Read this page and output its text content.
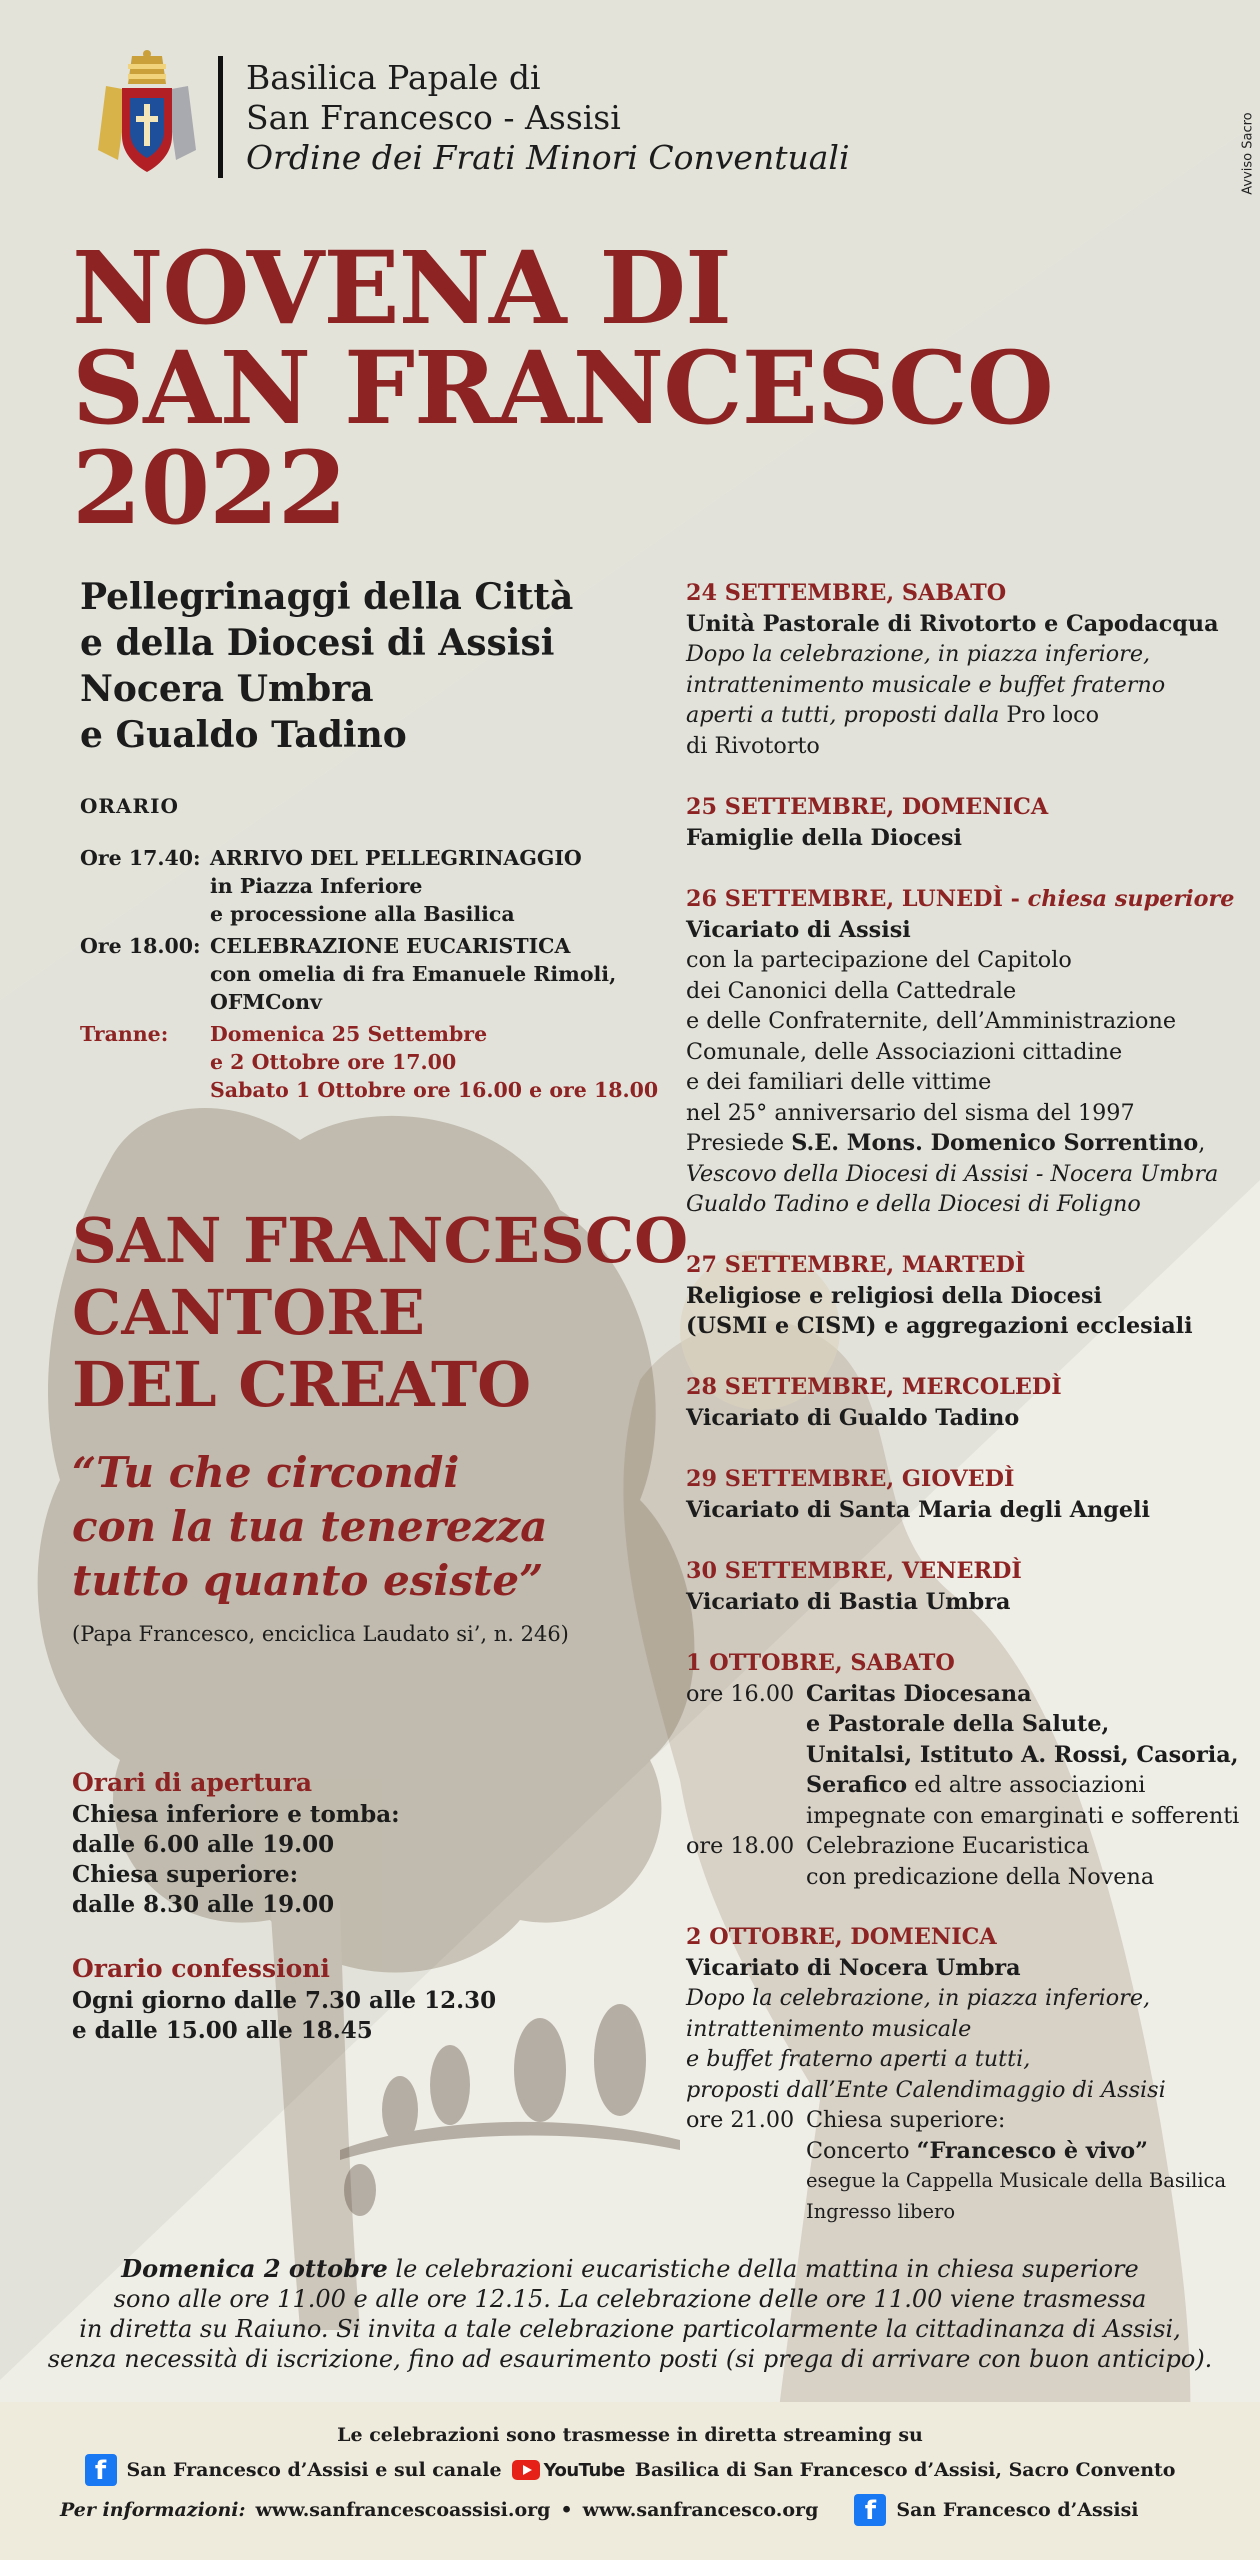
Basilica Papale di
San Francesco - Assisi
Ordine dei Frati Minori Conventuali	Avviso Sacro
NOVENA DI
SAN FRANCESCO
2022
Pellegrinaggi della Città
e della Diocesi di Assisi
Nocera Umbra
e Gualdo Tadino
ORARIO
Ore 17.40: ARRIVO DEL PELLEGRINAGGIO
in Piazza Inferiore
e processione alla Basilica
Ore 18.00: CELEBRAZIONE EUCARISTICA
con omelia di fra Emanuele Rimoli,
OFMConv
Tranne:	Domenica 25 Settembre
e 2 Ottobre ore 17.00
Sabato 1 Ottobre ore 16.00 e ore 18.00
SAN FRANCESCO
CANTORE
DEL CREATO
“Tu che circondi
con la tua tenerezza
tutto quanto esiste”
(Papa Francesco, enciclica Laudato si’, n. 246)
Orari di apertura
Chiesa inferiore e tomba:
dalle 6.00 alle 19.00
Chiesa superiore:
dalle 8.30 alle 19.00
Orario confessioni
Ogni giorno dalle 7.30 alle 12.30
e dalle 15.00 alle 18.45
24 SETTEMBRE, SABATO
Unità Pastorale di Rivotorto e Capodacqua
Dopo la celebrazione, in piazza inferiore,
intrattenimento musicale e buffet fraterno
aperti a tutti, proposti dalla Pro loco
di Rivotorto
25 SETTEMBRE, DOMENICA
Famiglie della Diocesi
26 SETTEMBRE, LUNEDÌ - chiesa superiore
Vicariato di Assisi
con la partecipazione del Capitolo
dei Canonici della Cattedrale
e delle Confraternite, dell’Amministrazione
Comunale, delle Associazioni cittadine
e dei familiari delle vittime
nel 25° anniversario del sisma del 1997
Presiede S.E. Mons. Domenico Sorrentino,
Vescovo della Diocesi di Assisi - Nocera Umbra
Gualdo Tadino e della Diocesi di Foligno
27 SETTEMBRE, MARTEDÌ
Religiose e religiosi della Diocesi
(USMI e CISM) e aggregazioni ecclesiali
28 SETTEMBRE, MERCOLEDÌ
Vicariato di Gualdo Tadino
29 SETTEMBRE, GIOVEDÌ
Vicariato di Santa Maria degli Angeli
30 SETTEMBRE, VENERDÌ
Vicariato di Bastia Umbra
1 OTTOBRE, SABATO
ore 16.00 Caritas Diocesana
e Pastorale della Salute,
Unitalsi, Istituto A. Rossi, Casoria,
Serafico ed altre associazioni
impegnate con emarginati e sofferenti
ore 18.00 Celebrazione Eucaristica
con predicazione della Novena
2 OTTOBRE, DOMENICA
Vicariato di Nocera Umbra
Dopo la celebrazione, in piazza inferiore,
intrattenimento musicale
e buffet fraterno aperti a tutti,
proposti dall’Ente Calendimaggio di Assisi
ore 21.00 Chiesa superiore:
Concerto “Francesco è vivo”
esegue la Cappella Musicale della Basilica
Ingresso libero
Domenica 2 ottobre le celebrazioni eucaristiche della mattina in chiesa superiore
sono alle ore 11.00 e alle ore 12.15. La celebrazione delle ore 11.00 viene trasmessa
in diretta su Raiuno. Si invita a tale celebrazione particolarmente la cittadinanza di Assisi,
senza necessità di iscrizione, fino ad esaurimento posti (si prega di arrivare con buon anticipo).
Le celebrazioni sono trasmesse in diretta streaming su
f	San Francesco d’Assisi e sul canale YouTube Basilica di San Francesco d’Assisi, Sacro Convento
Per informazioni: www.sanfrancescoassisi.org • www.sanfrancesco.org	f	San Francesco d’Assisi
